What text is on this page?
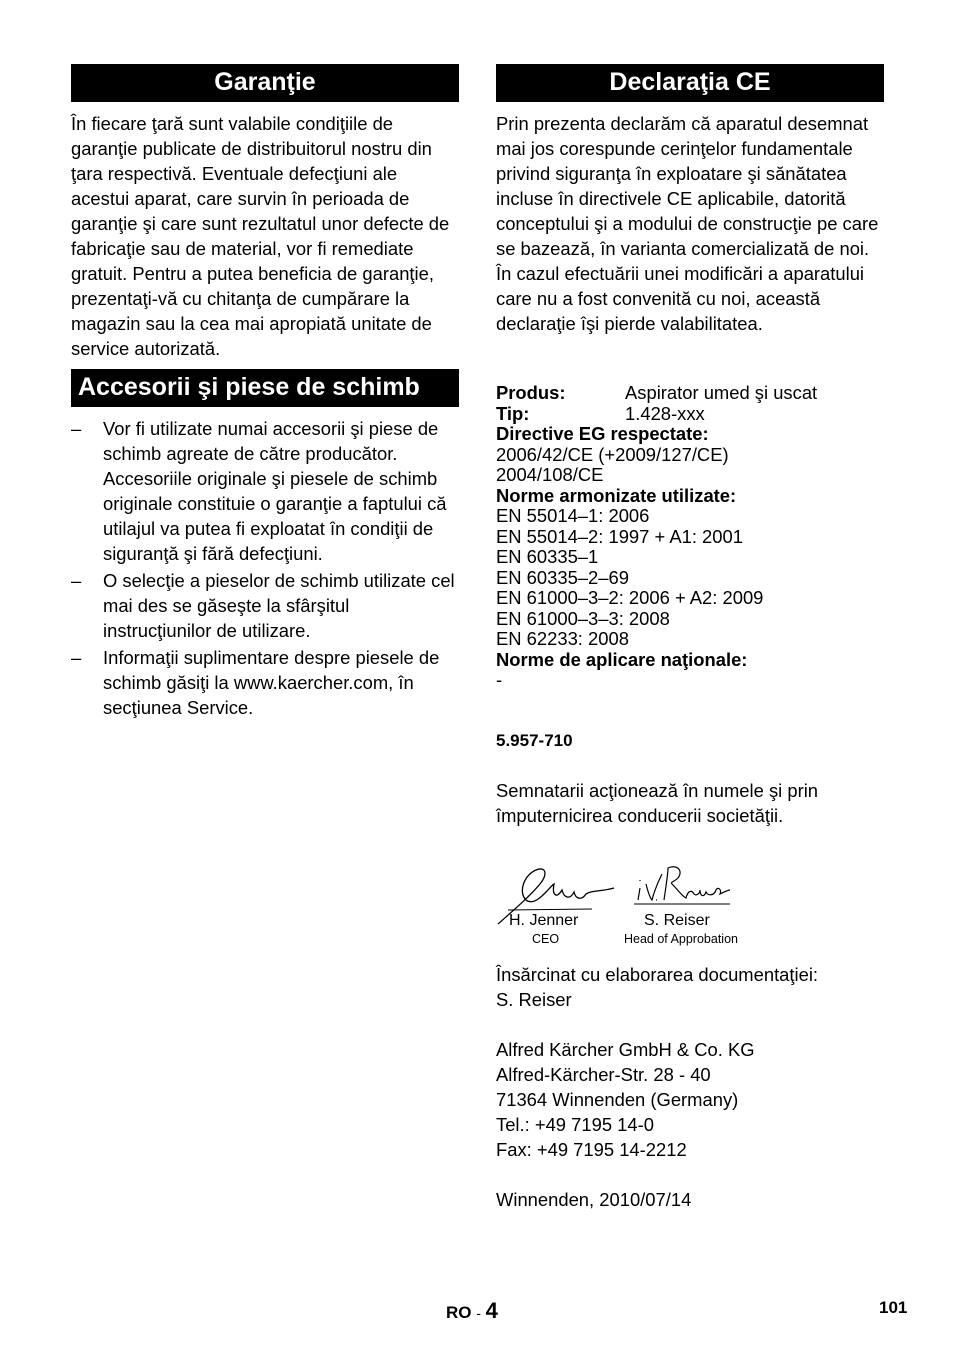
Garanţie

În fiecare ţară sunt valabile condiţiile de garanţie publicate de distribuitorul nostru din ţara respectivă. Eventuale defecţiuni ale acestui aparat, care survin în perioada de garanţie şi care sunt rezultatul unor defecte de fabricaţie sau de material, vor fi remediate gratuit. Pentru a putea beneficia de garanţie, prezentaţi-vă cu chitanţa de cumpărare la magazin sau la cea mai apropiată unitate de service autorizată.

Accesorii şi piese de schimb
–	Vor fi utilizate numai accesorii şi piese de schimb agreate de către producător. Accesoriile originale şi piesele de schimb originale constituie o garanţie a faptului că utilajul va putea fi exploatat în condiţii de siguranţă şi fără defecţiuni.
–	O selecţie a pieselor de schimb utilizate cel mai des se găseşte la sfârşitul instrucţiunilor de utilizare.
–	Informaţii suplimentare despre piesele de schimb găsiţi la www.kaercher.com, în secţiunea Service.
Declaraţia CE

Prin prezenta declarăm că aparatul desemnat mai jos corespunde cerinţelor fundamentale privind siguranţa în exploatare şi sănătatea incluse în directivele CE aplicabile, datorită conceptului şi a modului de construcţie pe care se bazează, în varianta comercializată de noi. În cazul efectuării unei modificări a aparatului care nu a fost convenită cu noi, această declaraţie îşi pierde valabilitatea.

Produs:	Aspirator umed şi uscat
Tip:	1.428-xxx
Directive EG respectate:
2006/42/CE (+2009/127/CE)
2004/108/CE
Norme armonizate utilizate:
EN 55014–1: 2006
EN 55014–2: 1997 + A1: 2001
EN 60335–1
EN 60335–2–69
EN 61000–3–2: 2006 + A2: 2009
EN 61000–3–3: 2008
EN 62233: 2008
Norme de aplicare naţionale:
-

5.957-710

Semnatarii acţionează în numele şi prin împuternicirea conducerii societăţii.

H. Jenner
CEO
S. Reiser
Head of Approbation

Însărcinat cu elaborarea documentaţiei:

S. Reiser

Alfred Kärcher GmbH & Co. KG

Alfred-Kärcher-Str. 28 - 40

71364 Winnenden (Germany)

Tel.: +49 7195 14-0

Fax: +49 7195 14-2212

Winnenden, 2010/07/14

RO - 4	101
